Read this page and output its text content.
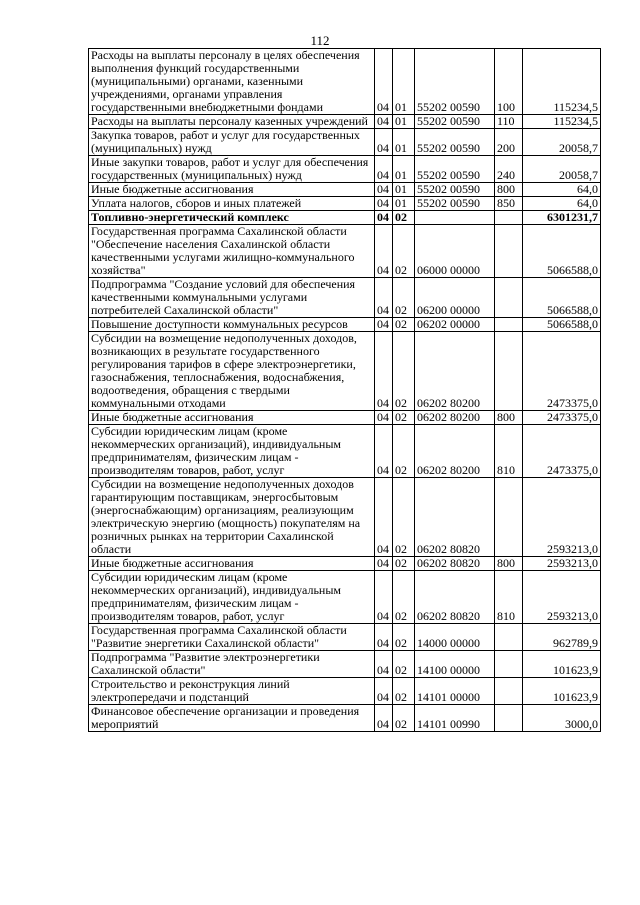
112
Расходы на выплаты персоналу в целях обеспечения выполнения функций государственными (муниципальными) органами, казенными учреждениями, органами управления государственными внебюджетными фондами	04	01	55202 00590	100	115234,5
Расходы на выплаты персоналу казенных учреждений	04	01	55202 00590	110	115234,5
Закупка товаров, работ и услуг для государственных (муниципальных) нужд	04	01	55202 00590	200	20058,7
Иные закупки товаров, работ и услуг для обеспечения государственных (муниципальных) нужд	04	01	55202 00590	240	20058,7
Иные бюджетные ассигнования	04	01	55202 00590	800	64,0
Уплата налогов, сборов и иных платежей	04	01	55202 00590	850	64,0
Топливно-энергетический комплекс	04	02			6301231,7
Государственная программа Сахалинской области "Обеспечение населения Сахалинской области качественными услугами жилищно-коммунального хозяйства"	04	02	06000 00000		5066588,0
Подпрограмма "Создание условий для обеспечения качественными коммунальными услугами потребителей Сахалинской области"	04	02	06200 00000		5066588,0
Повышение доступности коммунальных ресурсов	04	02	06202 00000		5066588,0
Субсидии на возмещение недополученных доходов, возникающих в результате государственного регулирования тарифов в сфере электроэнергетики, газоснабжения, теплоснабжения, водоснабжения, водоотведения, обращения с твердыми коммунальными отходами	04	02	06202 80200		2473375,0
Иные бюджетные ассигнования	04	02	06202 80200	800	2473375,0
Субсидии юридическим лицам (кроме некоммерческих организаций), индивидуальным предпринимателям, физическим лицам - производителям товаров, работ, услуг	04	02	06202 80200	810	2473375,0
Субсидии на возмещение недополученных доходов гарантирующим поставщикам, энергосбытовым (энергоснабжающим) организациям, реализующим электрическую энергию (мощность) покупателям на розничных рынках на территории Сахалинской области	04	02	06202 80820		2593213,0
Иные бюджетные ассигнования	04	02	06202 80820	800	2593213,0
Субсидии юридическим лицам (кроме некоммерческих организаций), индивидуальным предпринимателям, физическим лицам - производителям товаров, работ, услуг	04	02	06202 80820	810	2593213,0
Государственная программа Сахалинской области "Развитие энергетики Сахалинской области"	04	02	14000 00000		962789,9
Подпрограмма "Развитие электроэнергетики Сахалинской области"	04	02	14100 00000		101623,9
Строительство и реконструкция линий электропередачи и подстанций	04	02	14101 00000		101623,9
Финансовое обеспечение организации и проведения мероприятий	04	02	14101 00990		3000,0
